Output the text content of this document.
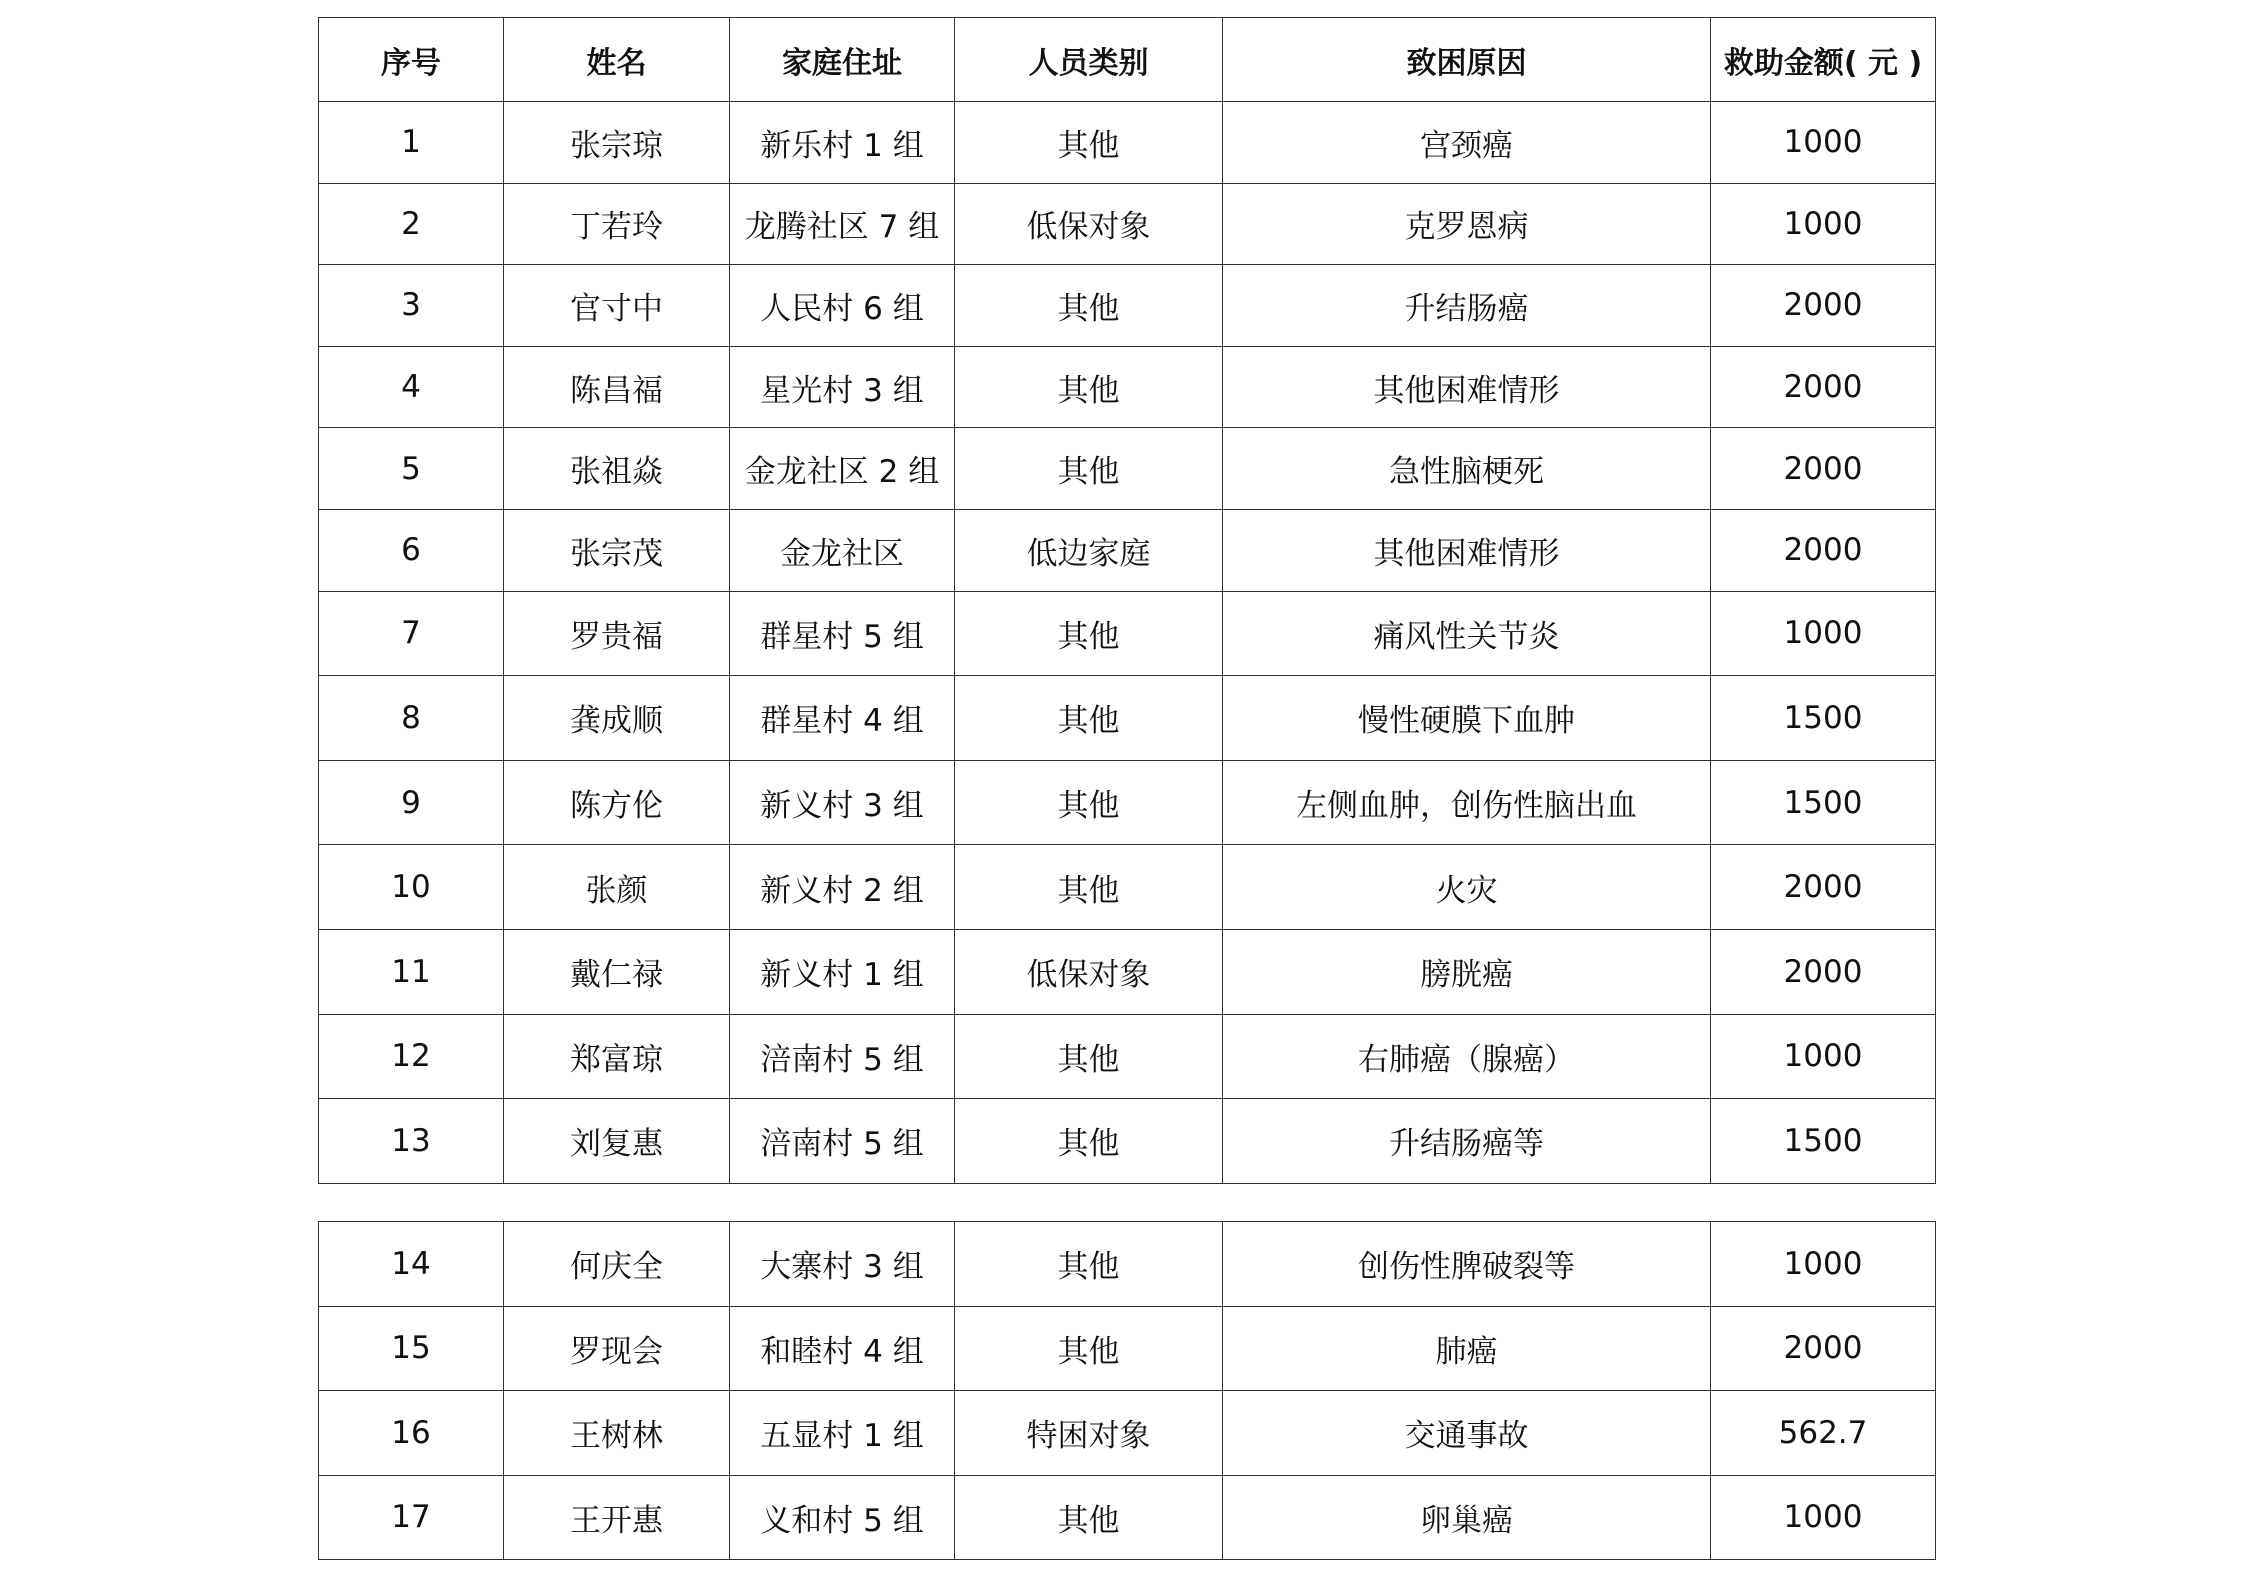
序号	姓名	家庭住址	人员类别	致困原因	救助金额( 元 )
1	张宗琼	新乐村 1 组	其他	宫颈癌	1000
2	丁若玲	龙腾社区 7 组	低保对象	克罗恩病	1000
3	官寸中	人民村 6 组	其他	升结肠癌	2000
4	陈昌福	星光村 3 组	其他	其他困难情形	2000
5	张祖焱	金龙社区 2 组	其他	急性脑梗死	2000
6	张宗茂	金龙社区	低边家庭	其他困难情形	2000
7	罗贵福	群星村 5 组	其他	痛风性关节炎	1000
8	龚成顺	群星村 4 组	其他	慢性硬膜下血肿	1500
9	陈方伦	新义村 3 组	其他	左侧血肿，创伤性脑出血	1500
10	张颜	新义村 2 组	其他	火灾	2000
11	戴仁禄	新义村 1 组	低保对象	膀胱癌	2000
12	郑富琼	涪南村 5 组	其他	右肺癌（腺癌）	1000
13	刘复惠	涪南村 5 组	其他	升结肠癌等	1500
14	何庆全	大寨村 3 组	其他	创伤性脾破裂等	1000
15	罗现会	和睦村 4 组	其他	肺癌	2000
16	王树林	五显村 1 组	特困对象	交通事故	562.7
17	王开惠	义和村 5 组	其他	卵巢癌	1000
